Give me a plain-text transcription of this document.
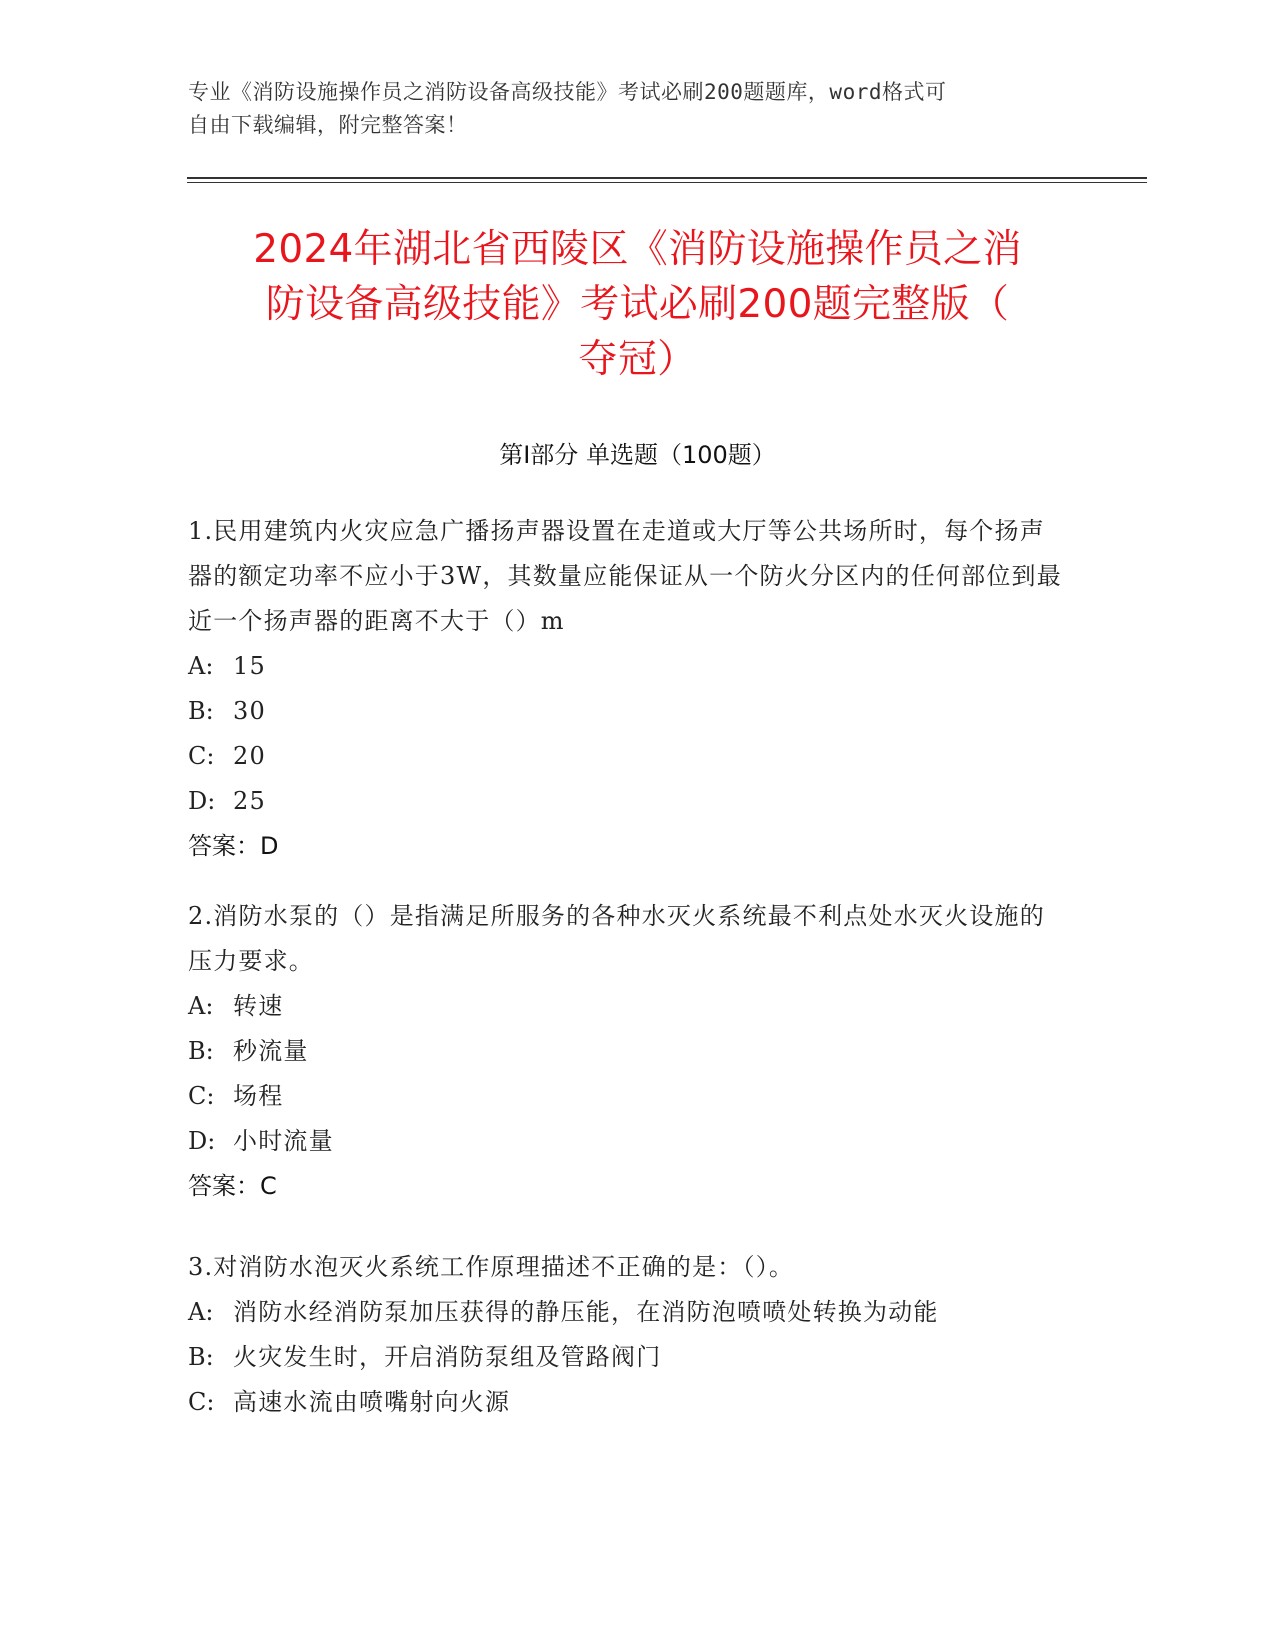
专业《消防设施操作员之消防设备高级技能》考试必刷200题题库，word格式可
自由下载编辑，附完整答案！
2024年湖北省西陵区《消防设施操作员之消
防设备高级技能》考试必刷200题完整版（
夺冠）
第Ⅰ部分 单选题（100题）
1.民用建筑内火灾应急广播扬声器设置在走道或大厅等公共场所时，每个扬声器的额定功率不应小于3W，其数量应能保证从一个防火分区内的任何部位到最近一个扬声器的距离不大于（）m
A: 15
B: 30
C: 20
D: 25
答案：D
2.消防水泵的（）是指满足所服务的各种水灭火系统最不利点处水灭火设施的压力要求。
A: 转速
B: 秒流量
C: 场程
D: 小时流量
答案：C
3.对消防水泡灭火系统工作原理描述不正确的是：（）。
A: 消防水经消防泵加压获得的静压能，在消防泡喷喷处转换为动能
B: 火灾发生时，开启消防泵组及管路阀门
C: 高速水流由喷嘴射向火源
